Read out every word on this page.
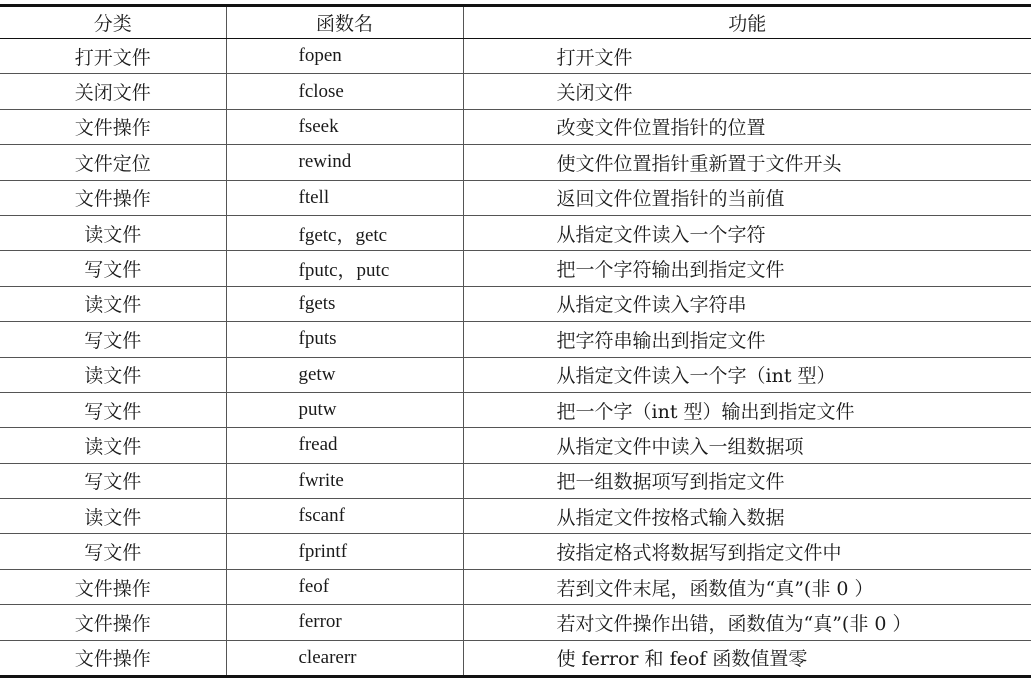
分类	函数名	功能
打开文件	fopen	打开文件
关闭文件	fclose	关闭文件
文件操作	fseek	改变文件位置指针的位置
文件定位	rewind	使文件位置指针重新置于文件开头
文件操作	ftell	返回文件位置指针的当前值
读文件	fgetc，getc	从指定文件读入一个字符
写文件	fputc，putc	把一个字符输出到指定文件
读文件	fgets	从指定文件读入字符串
写文件	fputs	把字符串输出到指定文件
读文件	getw	从指定文件读入一个字（int 型）
写文件	putw	把一个字（int 型）输出到指定文件
读文件	fread	从指定文件中读入一组数据项
写文件	fwrite	把一组数据项写到指定文件
读文件	fscanf	从指定文件按格式输入数据
写文件	fprintf	按指定格式将数据写到指定文件中
文件操作	feof	若到文件末尾，函数值为“真”(非 0 ）
文件操作	ferror	若对文件操作出错，函数值为“真”(非 0 ）
文件操作	clearerr	使 ferror 和 feof 函数值置零
